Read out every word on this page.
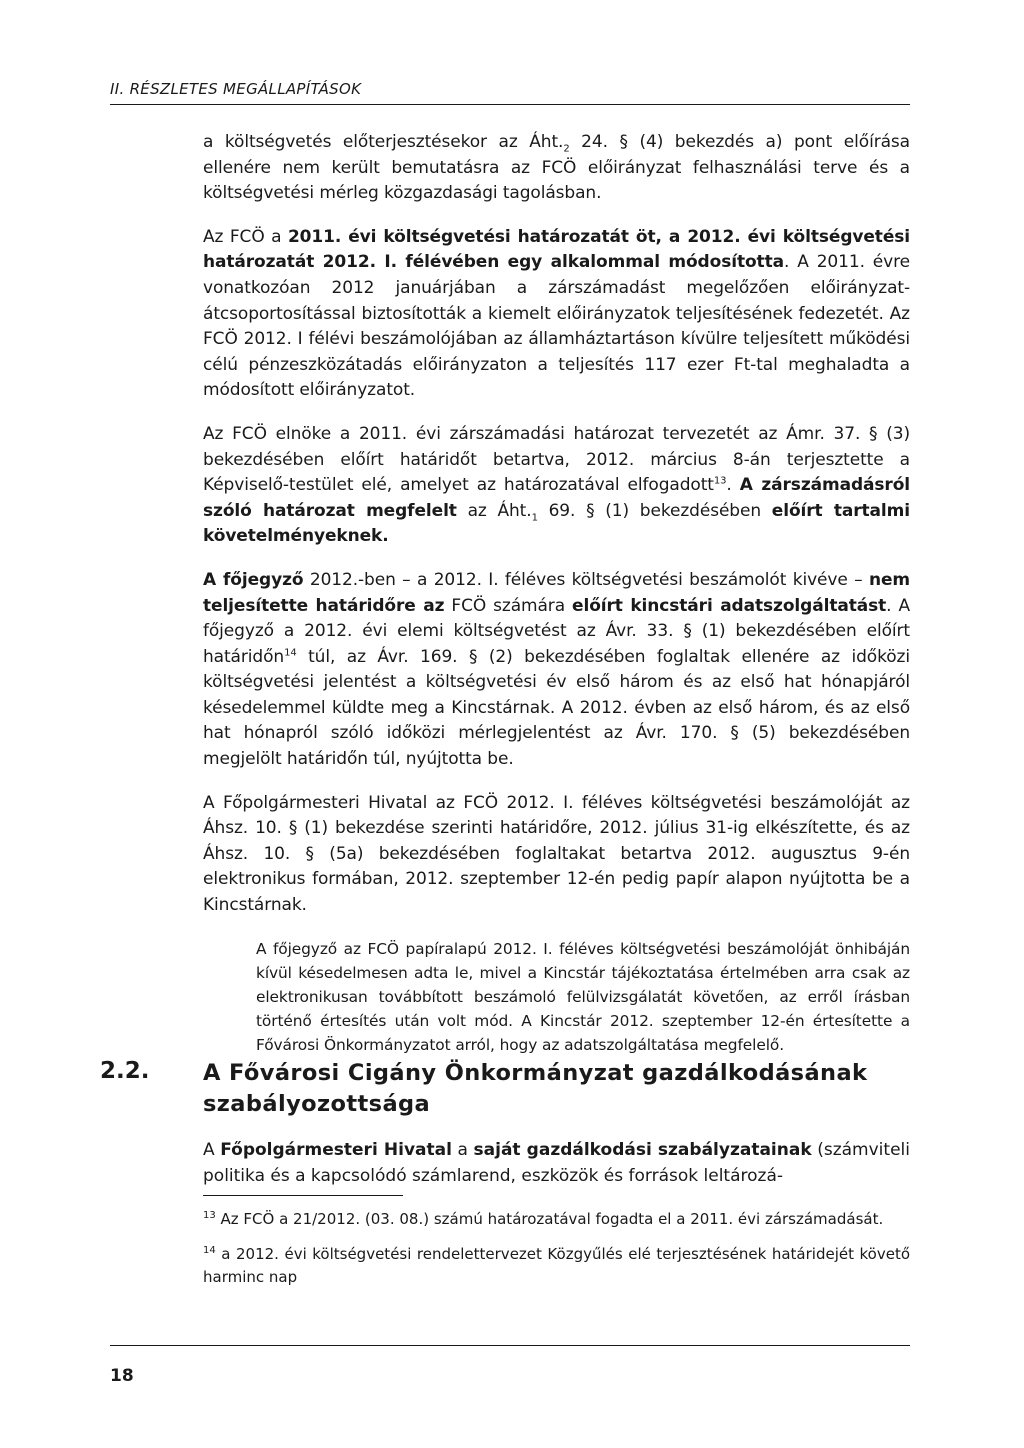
II. RÉSZLETES MEGÁLLAPÍTÁSOK

a költségvetés előterjesztésekor az $Áht._2$ 24. § (4) bekezdés a) pont előírása ellenére nem került bemutatásra az FCÖ előirányzat felhasználási terve és a költségvetési mérleg közgazdasági tagolásban.

Az FCÖ a 2011. évi költségvetési határozatát öt, a 2012. évi költségvetési határozatát 2012. I. félévében egy alkalommal módosította. A 2011. évre vonatkozóan 2012 januárjában a zárszámadást megelőzően előirányzat-átcsoportosítással biztosították a kiemelt előirányzatok teljesítésének fedezetét. Az FCÖ 2012. I félévi beszámolójában az államháztartáson kívülre teljesített működési célú pénzeszközátadás előirányzaton a teljesítés 117 ezer Ft-tal meghaladta a módosított előirányzatot.

Az FCÖ elnöke a 2011. évi zárszámadási határozat tervezetét az Ámr. 37. § (3) bekezdésében előírt határidőt betartva, 2012. március 8-án terjesztette a Képviselő-testület elé, amelyet az határozatával elfogadott$^{13}$. A zárszámadásról szóló határozat megfelelt az $Áht._1$ 69. § (1) bekezdésében előírt tartalmi követelményeknek.

A főjegyző 2012.-ben – a 2012. I. féléves költségvetési beszámolót kivéve – nem teljesítette határidőre az FCÖ számára előírt kincstári adatszolgáltatást. A főjegyző a 2012. évi elemi költségvetést az Ávr. 33. § (1) bekezdésében előírt határidőn$^{14}$ túl, az Ávr. 169. § (2) bekezdésében foglaltak ellenére az időközi költségvetési jelentést a költségvetési év első három és az első hat hónapjáról késedelemmel küldte meg a Kincstárnak. A 2012. évben az első három, és az első hat hónapról szóló időközi mérlegjelentést az Ávr. 170. § (5) bekezdésében megjelölt határidőn túl, nyújtotta be.

A Főpolgármesteri Hivatal az FCÖ 2012. I. féléves költségvetési beszámolóját az Áhsz. 10. § (1) bekezdése szerinti határidőre, 2012. július 31-ig elkészítette, és az Áhsz. 10. § (5a) bekezdésében foglaltakat betartva 2012. augusztus 9-én elektronikus formában, 2012. szeptember 12-én pedig papír alapon nyújtotta be a Kincstárnak.

A főjegyző az FCÖ papíralapú 2012. I. féléves költségvetési beszámolóját önhibáján kívül késedelmesen adta le, mivel a Kincstár tájékoztatása értelmében arra csak az elektronikusan továbbított beszámoló felülvizsgálatát követően, az erről írásban történő értesítés után volt mód. A Kincstár 2012. szeptember 12-én értesítette a Fővárosi Önkormányzatot arról, hogy az adatszolgáltatása megfelelő.

2.2. A Fővárosi Cigány Önkormányzat gazdálkodásának szabályozottsága
A Főpolgármesteri Hivatal a saját gazdálkodási szabályzatainak (számviteli politika és a kapcsolódó számlarend, eszközök és források leltározá-
$^{13}$ Az FCÖ a 21/2012. (03. 08.) számú határozatával fogadta el a 2011. évi zárszámadását.
$^{14}$ a 2012. évi költségvetési rendelettervezet Közgyűlés elé terjesztésének határidejét követő harminc nap
18
